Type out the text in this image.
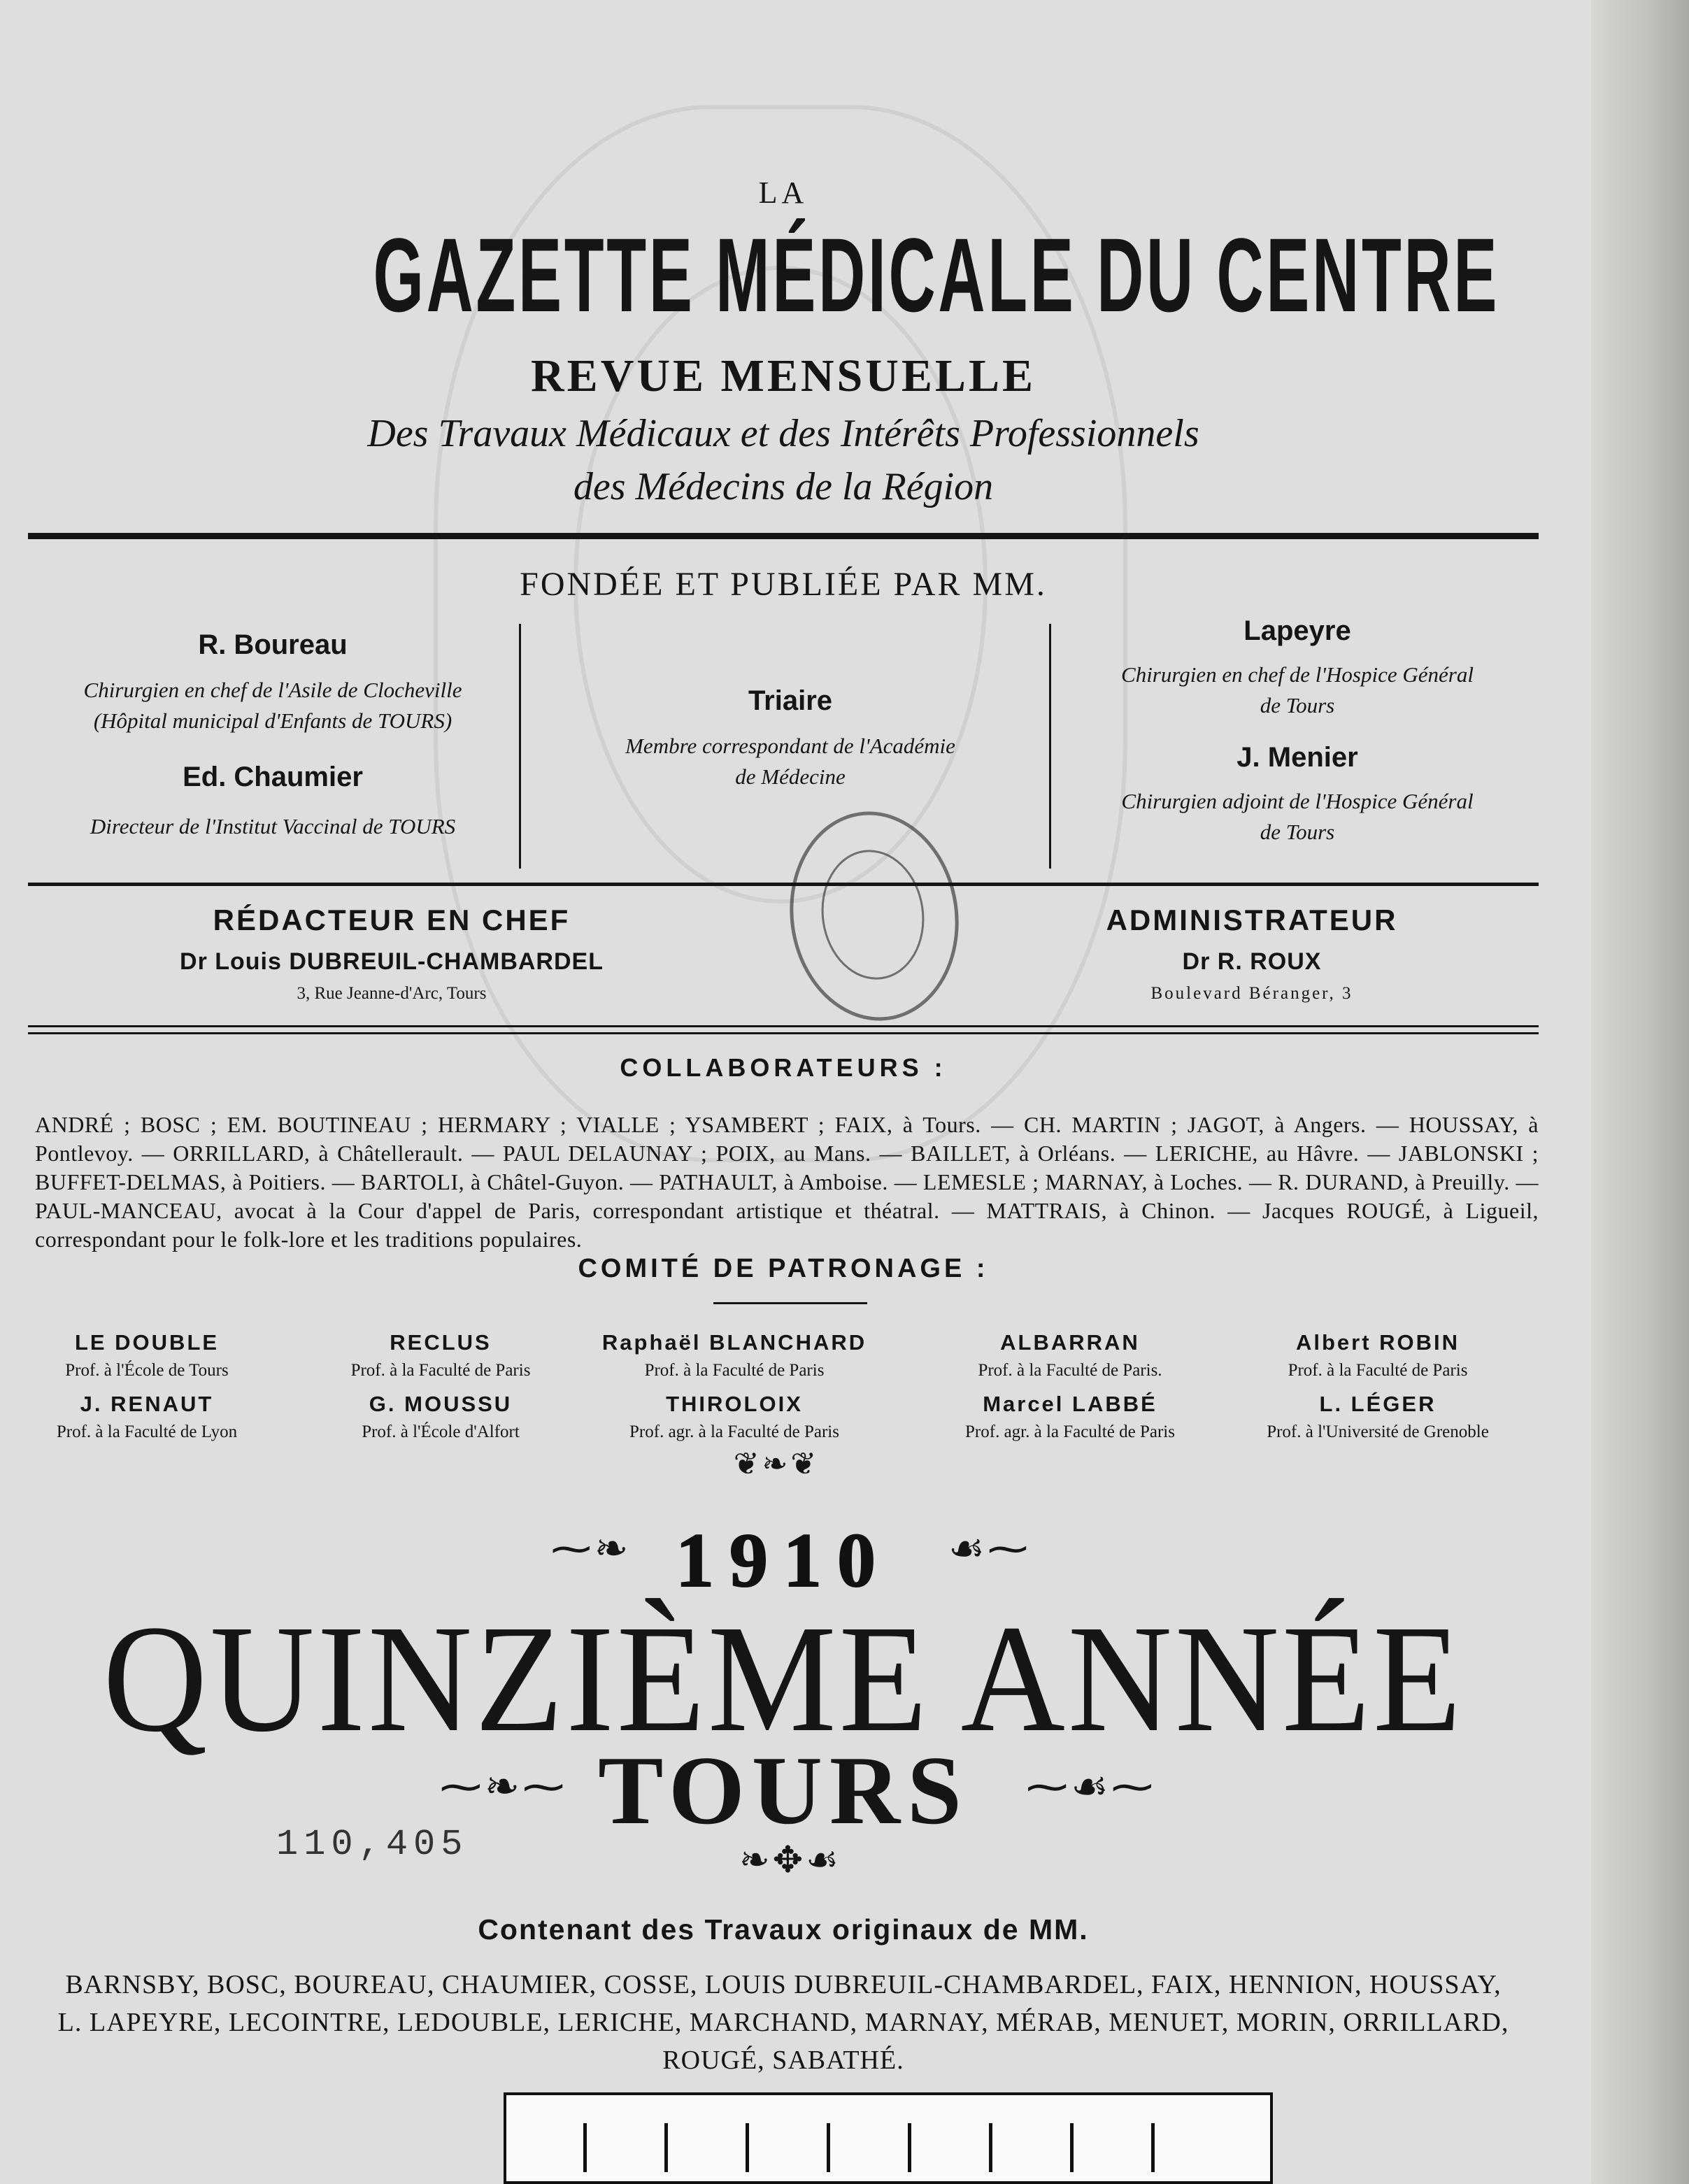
LA
GAZETTE MÉDICALE DU CENTRE
REVUE MENSUELLE
Des Travaux Médicaux et des Intérêts Professionnels
des Médecins de la Région
FONDÉE ET PUBLIÉE PAR MM.
R. Boureau
Chirurgien en chef de l'Asile de Clocheville
(Hôpital municipal d'Enfants de TOURS)
Ed. Chaumier
Directeur de l'Institut Vaccinal de TOURS
Triaire
Membre correspondant de l'Académie
de Médecine
Lapeyre
Chirurgien en chef de l'Hospice Général
de Tours
J. Menier
Chirurgien adjoint de l'Hospice Général
de Tours
RÉDACTEUR EN CHEF
Dr Louis DUBREUIL-CHAMBARDEL
3, Rue Jeanne-d'Arc, Tours
ADMINISTRATEUR
Dr R. ROUX
Boulevard Béranger, 3
COLLABORATEURS :
ANDRÉ ; BOSC ; EM. BOUTINEAU ; HERMARY ; VIALLE ; YSAMBERT ; FAIX, à Tours. — CH. MARTIN ; JAGOT, à Angers. — HOUSSAY, à Pontlevoy. — ORRILLARD, à Châtellerault. — PAUL DELAUNAY ; POIX, au Mans. — BAILLET, à Orléans. — LERICHE, au Hâvre. — JABLONSKI ; BUFFET-DELMAS, à Poitiers. — BARTOLI, à Châtel-Guyon. — PATHAULT, à Amboise. — LEMESLE ; MARNAY, à Loches. — R. DURAND, à Preuilly. — PAUL-MANCEAU, avocat à la Cour d'appel de Paris, correspondant artistique et théatral. — MATTRAIS, à Chinon. — Jacques ROUGÉ, à Ligueil, correspondant pour le folk-lore et les traditions populaires.
COMITÉ DE PATRONAGE :
LE DOUBLE
Prof. à l'École de Tours
RECLUS
Prof. à la Faculté de Paris
Raphaël BLANCHARD
Prof. à la Faculté de Paris
ALBARRAN
Prof. à la Faculté de Paris.
Albert ROBIN
Prof. à la Faculté de Paris
J. RENAUT
Prof. à la Faculté de Lyon
G. MOUSSU
Prof. à l'École d'Alfort
THIROLOIX
Prof. agr. à la Faculté de Paris
Marcel LABBÉ
Prof. agr. à la Faculté de Paris
L. LÉGER
Prof. à l'Université de Grenoble
❦❧❦
⁓❧ 1910	☙⁓
QUINZIÈME ANNÉE
⁓❧⁓ TOURS	⁓☙⁓
110,405	❧✥☙
Contenant des Travaux originaux de MM.
BARNSBY, BOSC, BOUREAU, CHAUMIER, COSSE, LOUIS DUBREUIL-CHAMBARDEL, FAIX, HENNION, HOUSSAY,
L. LAPEYRE, LECOINTRE, LEDOUBLE, LERICHE, MARCHAND, MARNAY, MÉRAB, MENUET, MORIN, ORRILLARD,
ROUGÉ, SABATHÉ.
